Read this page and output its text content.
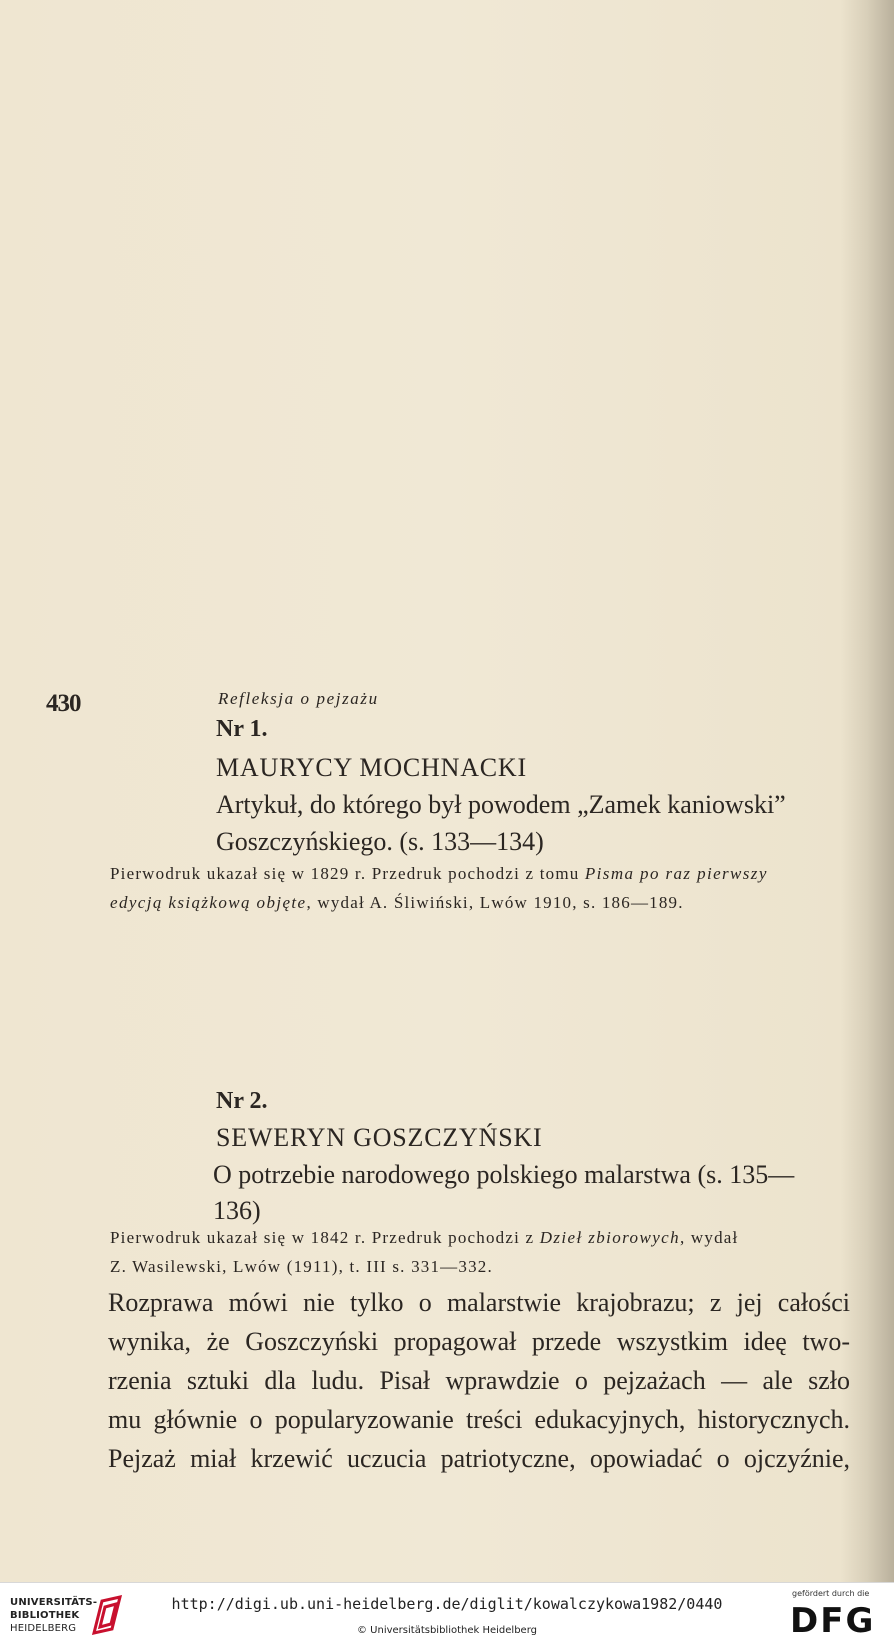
430	Refleksja o pejzażu
Nr 1.
MAURYCY MOCHNACKI
Artykuł, do którego był powodem „Zamek kaniowski”
Goszczyńskiego. (s. 133—134)
Pierwodruk ukazał się w 1829 r. Przedruk pochodzi z tomu Pisma po raz pierwszy
edycją książkową objęte, wydał A. Śliwiński, Lwów 1910, s. 186—189.
Nr 2.
SEWERYN GOSZCZYŃSKI
O potrzebie narodowego polskiego malarstwa (s. 135—
136)
Pierwodruk ukazał się w 1842 r. Przedruk pochodzi z Dzieł zbiorowych, wydał
Z. Wasilewski, Lwów (1911), t. III s. 331—332.
Rozprawa mówi nie tylko o malarstwie krajobrazu; z jej całości
wynika, że Goszczyński propagował przede wszystkim ideę two-
rzenia sztuki dla ludu. Pisał wprawdzie o pejzażach — ale szło
mu głównie o popularyzowanie treści edukacyjnych, historycznych.
Pejzaż miał krzewić uczucia patriotyczne, opowiadać o ojczyźnie,
UNIVERSITÄTS-
BIBLIOTHEK
HEIDELBERG
http://digi.ub.uni-heidelberg.de/diglit/kowalczykowa1982/0440
© Universitätsbibliothek Heidelberg
gefördert durch die
DFG
